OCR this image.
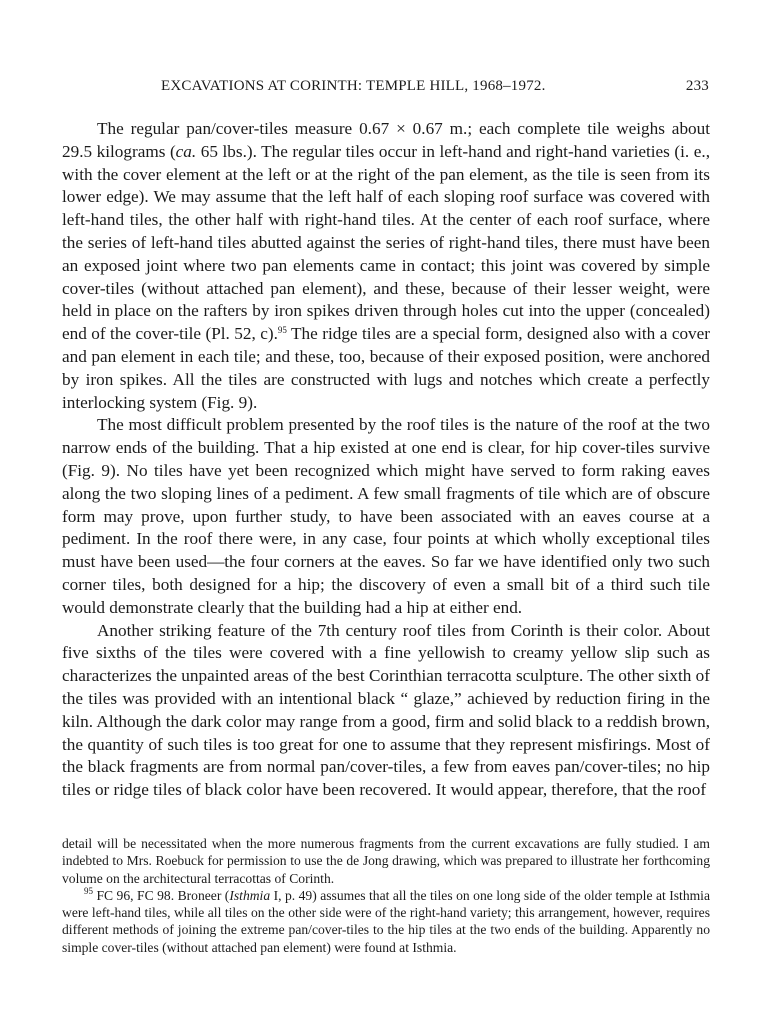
EXCAVATIONS AT CORINTH: TEMPLE HILL, 1968–1972.	233

The regular pan/cover-tiles measure 0.67 × 0.67 m.; each complete tile weighs about 29.5 kilograms (ca. 65 lbs.). The regular tiles occur in left-hand and right-hand varieties (i. e., with the cover element at the left or at the right of the pan element, as the tile is seen from its lower edge). We may assume that the left half of each sloping roof surface was covered with left-hand tiles, the other half with right-hand tiles. At the center of each roof surface, where the series of left-hand tiles abutted against the series of right-hand tiles, there must have been an exposed joint where two pan elements came in contact; this joint was covered by simple cover-tiles (without attached pan element), and these, because of their lesser weight, were held in place on the rafters by iron spikes driven through holes cut into the upper (concealed) end of the cover-tile (Pl. 52, c).$^{95}$ The ridge tiles are a special form, designed also with a cover and pan element in each tile; and these, too, because of their exposed position, were anchored by iron spikes. All the tiles are constructed with lugs and notches which create a perfectly interlocking system (Fig. 9).

The most difficult problem presented by the roof tiles is the nature of the roof at the two narrow ends of the building. That a hip existed at one end is clear, for hip cover-tiles survive (Fig. 9). No tiles have yet been recognized which might have served to form raking eaves along the two sloping lines of a pediment. A few small fragments of tile which are of obscure form may prove, upon further study, to have been associated with an eaves course at a pediment. In the roof there were, in any case, four points at which wholly exceptional tiles must have been used—the four corners at the eaves. So far we have identified only two such corner tiles, both designed for a hip; the discovery of even a small bit of a third such tile would demonstrate clearly that the building had a hip at either end.

Another striking feature of the 7th century roof tiles from Corinth is their color. About five sixths of the tiles were covered with a fine yellowish to creamy yellow slip such as characterizes the unpainted areas of the best Corinthian terracotta sculpture. The other sixth of the tiles was provided with an intentional black “ glaze,” achieved by reduction firing in the kiln. Although the dark color may range from a good, firm and solid black to a reddish brown, the quantity of such tiles is too great for one to assume that they represent misfirings. Most of the black fragments are from normal pan/cover-tiles, a few from eaves pan/cover-tiles; no hip tiles or ridge tiles of black color have been recovered. It would appear, therefore, that the roof

detail will be necessitated when the more numerous fragments from the current excavations are fully studied. I am indebted to Mrs. Roebuck for permission to use the de Jong drawing, which was prepared to illustrate her forthcoming volume on the architectural terracottas of Corinth.

$^{95}$ FC 96, FC 98. Broneer (Isthmia I, p. 49) assumes that all the tiles on one long side of the older temple at Isthmia were left-hand tiles, while all tiles on the other side were of the right-hand variety; this arrangement, however, requires different methods of joining the extreme pan/cover-tiles to the hip tiles at the two ends of the building. Apparently no simple cover-tiles (without attached pan element) were found at Isthmia.
